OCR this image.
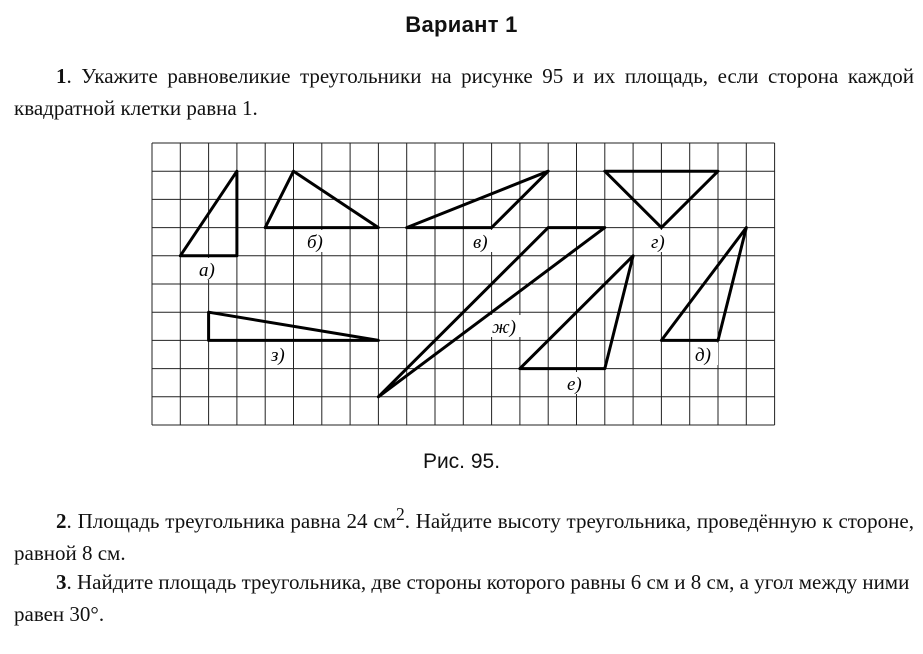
Вариант 1
1. Укажите равновеликие треугольники на рисунке 95 и их площадь, если сторона каждой квадратной клетки равна 1.
а)
б)	в)	г)
з)
ж)
е)
д)
Рис. 95.
2. Площадь треугольника равна 24 $см^2$. Найдите высоту треугольника, проведённую к стороне, равной 8 см.
3. Найдите площадь треугольника, две стороны которого равны 6 см и 8 см, а угол между ними равен 30°.
